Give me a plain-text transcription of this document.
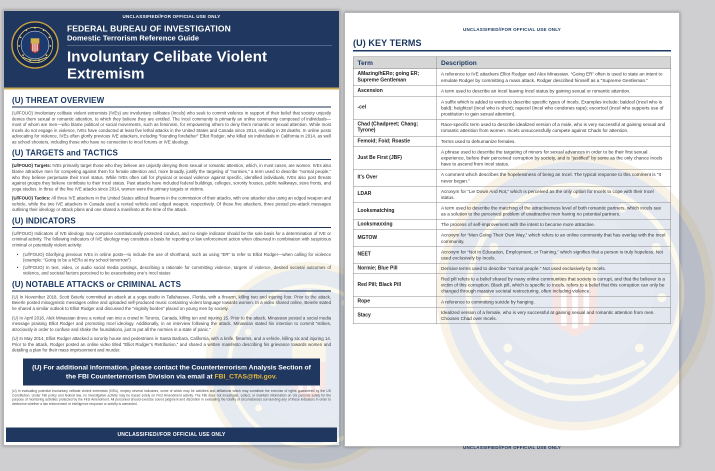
UNCLASSIFIED//FOR OFFICIAL USE ONLY
FEDERAL BUREAU OF INVESTIGATION
Domestic Terrorism Reference Guide
Involuntary Celibate Violent Extremism
(U) THREAT OVERVIEW

(U//FOUO) Involuntary celibate violent extremists (IVEs) are involuntary celibates (Incels) who seek to commit violence in support of their belief that society unjustly denies them sexual or romantic attention, to which they believe they are entitled. The Incel community is primarily an online community composed of individuals—most of whom are men—who blame political or social movements, such as feminism, for empowering others to deny them romantic or sexual attention. While most Incels do not engage in violence, IVEs have conducted at least five lethal attacks in the United States and Canada since 2014, resulting in 28 deaths. In online posts advocating for violence, IVEs often glorify previous IVE attackers, including “founding forefather” Elliot Rodger, who killed six individuals in California in 2014, as well as school shooters, including those who have no connection to Incel forums or IVE ideology.

(U) TARGETS and TACTICS

(U//FOUO) Targets: IVEs primarily target those who they believe are unjustly denying them sexual or romantic attention, which, in most cases, are women. IVEs also blame attractive men for competing against them for female attention and, more broadly, justify the targeting of “normies,” a term used to describe “normal people,” who they believe perpetuate their Incel status. While IVEs often call for physical or sexual violence against specific, identified individuals, IVEs also post threats against groups they believe contribute to their Incel status. Past attacks have included federal buildings, colleges, sorority houses, public walkways, store fronts, and yoga studios. In three of the five IVE attacks since 2014, women were the primary targets or victims.

(U//FOUO) Tactics: All three IVE attackers in the United States utilized firearms in the commission of their attacks, with one attacker also using an edged weapon and vehicle, while the two IVE attackers in Canada used a rented vehicle and edged weapon, respectively. Of these five attackers, three posted pre-attack messages outlining their ideology or attack plans and one shared a manifesto at the time of the attack.

(U) INDICATORS

(U//FOUO) Indicators of IVE ideology may comprise constitutionally protected conduct, and no single indicator should be the sole basis for a determination of IVE or criminal activity. The following indicators of IVE ideology may constitute a basis for reporting or law enforcement action when observed in combination with suspicious criminal or potentially violent activity:

▪ (U//FOUO) Glorifying previous IVEs in online posts—to include the use of shorthand, such as using “ER” to refer to Elliot Rodger—when calling for violence (example: “Going to be a hERo at my school tomorrow”)
▪ (U//FOUO) In text, video, or audio social media postings, describing a rationale for committing violence, targets of violence, desired societal outcomes of violence, and societal factors perceived to be exacerbating one’s Incel status
(U) NOTABLE ATTACKS or CRIMINAL ACTS

(U) In November 2018, Scott Beierle committed an attack at a yoga studio in Tallahassee, Florida, with a firearm, killing two and injuring four. Prior to the attack, Beierle posted misogynistic messages online and uploaded self-produced music containing violent language towards women. In a video shared online, Beierle stated he shared a similar outlook to Elliot Rodger and discussed the “virginity burden” placed on young men by society.

(U) In April 2018, Alek Minassian drove a rented van into a crowd in Toronto, Canada, killing ten and injuring 15. Prior to the attack, Minassian posted a social media message praising Elliot Rodger and promoting Incel ideology. Additionally, in an interview following the attack, Minassian stated his intention to commit “strikes, atrociously in order to confuse and shake the foundations, just to put all the normies in a state of panic.”

(U) In May 2014, Elliot Rodger attacked a sorority house and pedestrians in Santa Barbara, California, with a knife, firearms, and a vehicle, killing six and injuring 14. Prior to the attack, Rodger posted an online video titled “Elliot Rodger’s Retribution,” and shared a written manifesto describing his grievance towards women and detailing a plan for their mass imprisonment and murder.

(U) For additional information, please contact the Counterterrorism Analysis Section of the FBI Counterterrorism Division via email at FBI_CTAS@fbi.gov.

(U) In evaluating potential involuntary celibate violent extremists (IVEs), employ several indicators, some of which may be activities and affiliations which may constitute the exercise of rights guaranteed by the US Constitution. Under FBI policy and federal law, no investigative activity may be based solely on First Amendment activity. The FBI does not investigate, collect, or maintain information on US persons solely for the purpose of monitoring activities protected by the First Amendment. All personnel should exercise sound judgment and discretion in evaluating the totality of circumstances surrounding any of these indicators in order to determine whether a law enforcement or intelligence response or activity is warranted.

UNCLASSIFIED//FOR OFFICIAL USE ONLY
UNCLASSIFIED//FOR OFFICIAL USE ONLY
(U) KEY TERMS
Term	Description
AMazing/hERo; going ER; Supreme Gentleman	A reference to IVE attackers Elliot Rodger and Alex Minassian. “Going ER” often is used to state an intent to emulate Rodger by committing a mass attack. Rodger described himself as a “Supreme Gentleman.”
Ascension	A term used to describe an Incel leaving Incel status by gaining sexual or romantic attention.
-cel	A suffix which is added to words to describe specific types of Incels. Examples include: baldcel (Incel who is bald); heightcel (Incel who is short); rapecel (Incel who condones rape); escortcel (Incel who supports use of prostitution to gain sexual attention).
Chad (Chadpreet; Chang; Tyrone)	Race-specific term used to describe idealized version of a male, who is very successful at gaining sexual and romantic attention from women. Incels unsuccessfully compete against Chads for attention.
Femoid; Foid; Roastie	Terms used to dehumanize females.
Just Be First (JBF)	A phrase used to describe the targeting of minors for sexual advances in order to be their first sexual experience, before their perceived corruption by society, and is “justified” by some as the only chance Incels have to ascend from Incel status.
It’s Over	A comment which describes the hopelessness of being an Incel. The typical response to this comment is “It never began.”
LDAR	Acronym for “Lie Down And Rot,” which is perceived as the only option for Incels to cope with their Incel status.
Looksmatching	A term used to describe the matching of the attractiveness level of both romantic partners, which Incels see as a solution to the perceived problem of unattractive men having no potential partners.
Looksmaxxing	The process of self-improvement with the intent to become more attractive.
MGTOW	Acronym for “Men Going Their Own Way,” which refers to an online community that has overlap with the Incel community.
NEET	Acronym for “Not in Education, Employment, or Training,” which signifies that a person is truly hopeless. Not used exclusively by Incels.
Normie; Blue Pill	Derisive terms used to describe “normal people.” Not used exclusively by Incels.
Red Pill; Black Pill	Red pill refers to a belief shared by many online communities that society is corrupt, and that the believer is a victim of this corruption. Black pill, which is specific to Incels, refers to a belief that this corruption can only be changed through massive societal restructuring, often including violence.
Rope	A reference to committing suicide by hanging.
Stacy	Idealized version of a female, who is very successful at gaining sexual and romantic attention from men. Chooses Chad over Incels.
UNCLASSIFIED//FOR OFFICIAL USE ONLY
